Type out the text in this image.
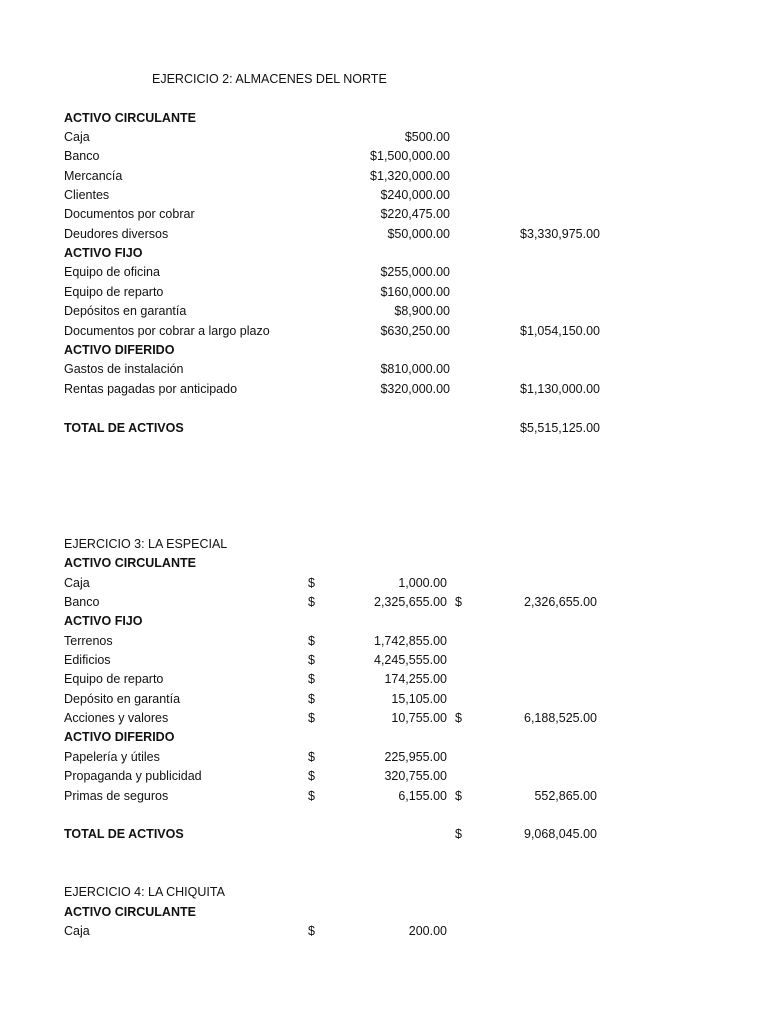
EJERCICIO 2: ALMACENES DEL NORTE
ACTIVO CIRCULANTE
Caja	$500.00
Banco	$1,500,000.00
Mercancía	$1,320,000.00
Clientes	$240,000.00
Documentos por cobrar	$220,475.00
Deudores diversos	$50,000.00	$3,330,975.00
ACTIVO FIJO
Equipo de oficina	$255,000.00
Equipo de reparto	$160,000.00
Depósitos en garantía	$8,900.00
Documentos por cobrar a largo plazo	$630,250.00	$1,054,150.00
ACTIVO DIFERIDO
Gastos de instalación	$810,000.00
Rentas pagadas por anticipado	$320,000.00	$1,130,000.00
TOTAL DE ACTIVOS	$5,515,125.00
EJERCICIO 3: LA ESPECIAL
ACTIVO CIRCULANTE
Caja	$	1,000.00
Banco	$	2,325,655.00 $	2,326,655.00
ACTIVO FIJO
Terrenos	$	1,742,855.00
Edificios	$	4,245,555.00
Equipo de reparto	$	174,255.00
Depósito en garantía	$	15,105.00
Acciones y valores	$	10,755.00 $	6,188,525.00
ACTIVO DIFERIDO
Papelería y útiles	$	225,955.00
Propaganda y publicidad	$	320,755.00
Primas de seguros	$	6,155.00 $	552,865.00
TOTAL DE ACTIVOS	$	9,068,045.00
EJERCICIO 4: LA CHIQUITA
ACTIVO CIRCULANTE
Caja	$	200.00
